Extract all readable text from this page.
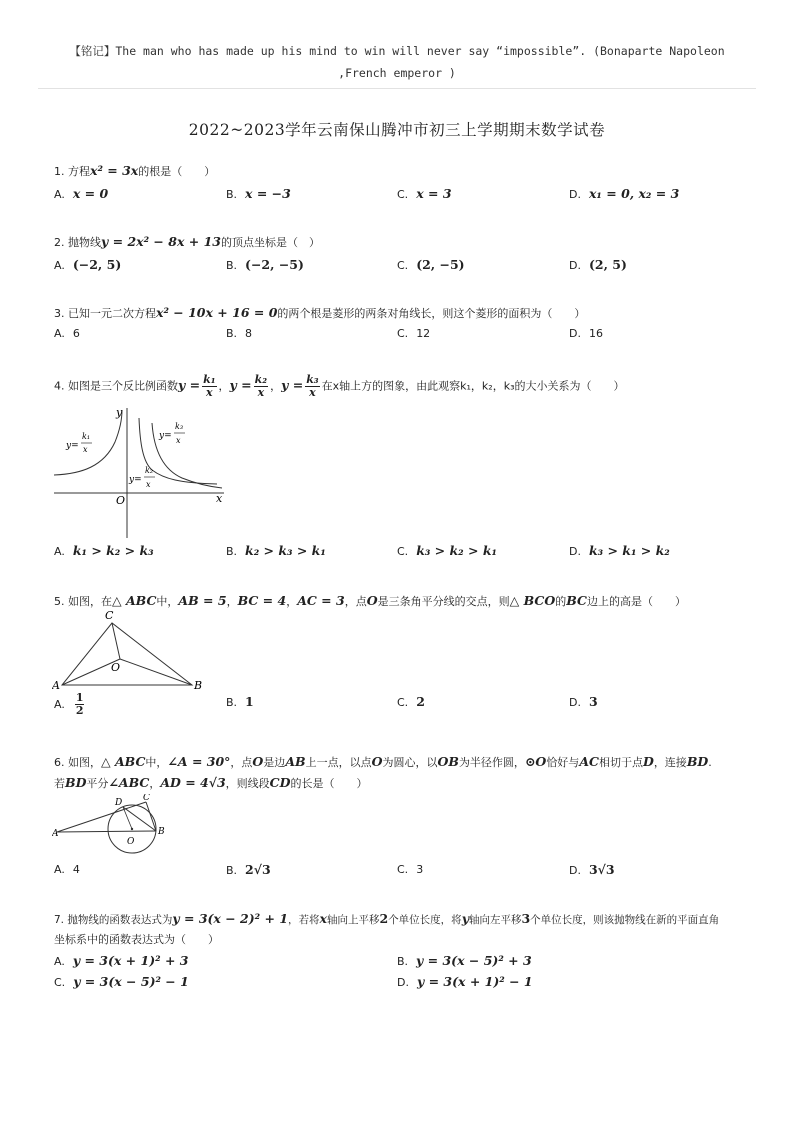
【铭记】The man who has made up his mind to win will never say “impossible”. (Bonaparte Napoleon ,French emperor )
2022~2023学年云南保山腾冲市初三上学期期末数学试卷
1. 方程x² = 3x的根是（　　）
A. x = 0	B. x = −3	C. x = 3	D. x₁ = 0, x₂ = 3
2. 抛物线y = 2x² − 8x + 13的顶点坐标是（　）
A. (−2, 5)	B. (−2, −5)	C. (2, −5)	D. (2, 5)
3. 已知一元二次方程x² − 10x + 16 = 0的两个根是菱形的两条对角线长，则这个菱形的面积为（　　）
A. 6	B. 8	C. 12	D. 16
4. 如图是三个反比例函数$y = \frac{\text{k₁}}{x}$ ，$y = \frac{\text{k₂}}{x}$ ，$y = \frac{\text{k₃}}{x}$ 在x轴上方的图象，由此观察k₁，k₂，k₃的大小关系为（　　）
y
x
O
y=
k₁
x
y=
k₂
x
y=
k₃
x
A. k₁ > k₂ > k₃	B. k₂ > k₃ > k₁	C. k₃ > k₂ > k₁	D. k₃ > k₁ > k₂
5. 如图，在△ ABC中，AB = 5，BC = 4，AC = 3，点O是三条角平分线的交点，则△ BCO的BC边上的高是（　　）
A	B
C
O
A. $\frac{1}{2}$	B. 1	C. 2	D. 3
6. 如图，△ ABC中，∠A = 30°，点O是边AB上一点，以点O为圆心，以OB为半径作圆，⊙O恰好与AC相切于点D，连接BD.
若BD平分∠ABC，AD = 4√3，则线段CD的长是（　　）
A	B
C
D
O
A. 4	B. 2√3	C. 3	D. 3√3
7. 抛物线的函数表达式为y = 3(x − 2)² + 1，若将x轴向上平移2个单位长度，将y轴向左平移3个单位长度，则该抛物线在新的平面直角
坐标系中的函数表达式为（　　）
A. y = 3(x + 1)² + 3	B. y = 3(x − 5)² + 3
C. y = 3(x − 5)² − 1	D. y = 3(x + 1)² − 1
